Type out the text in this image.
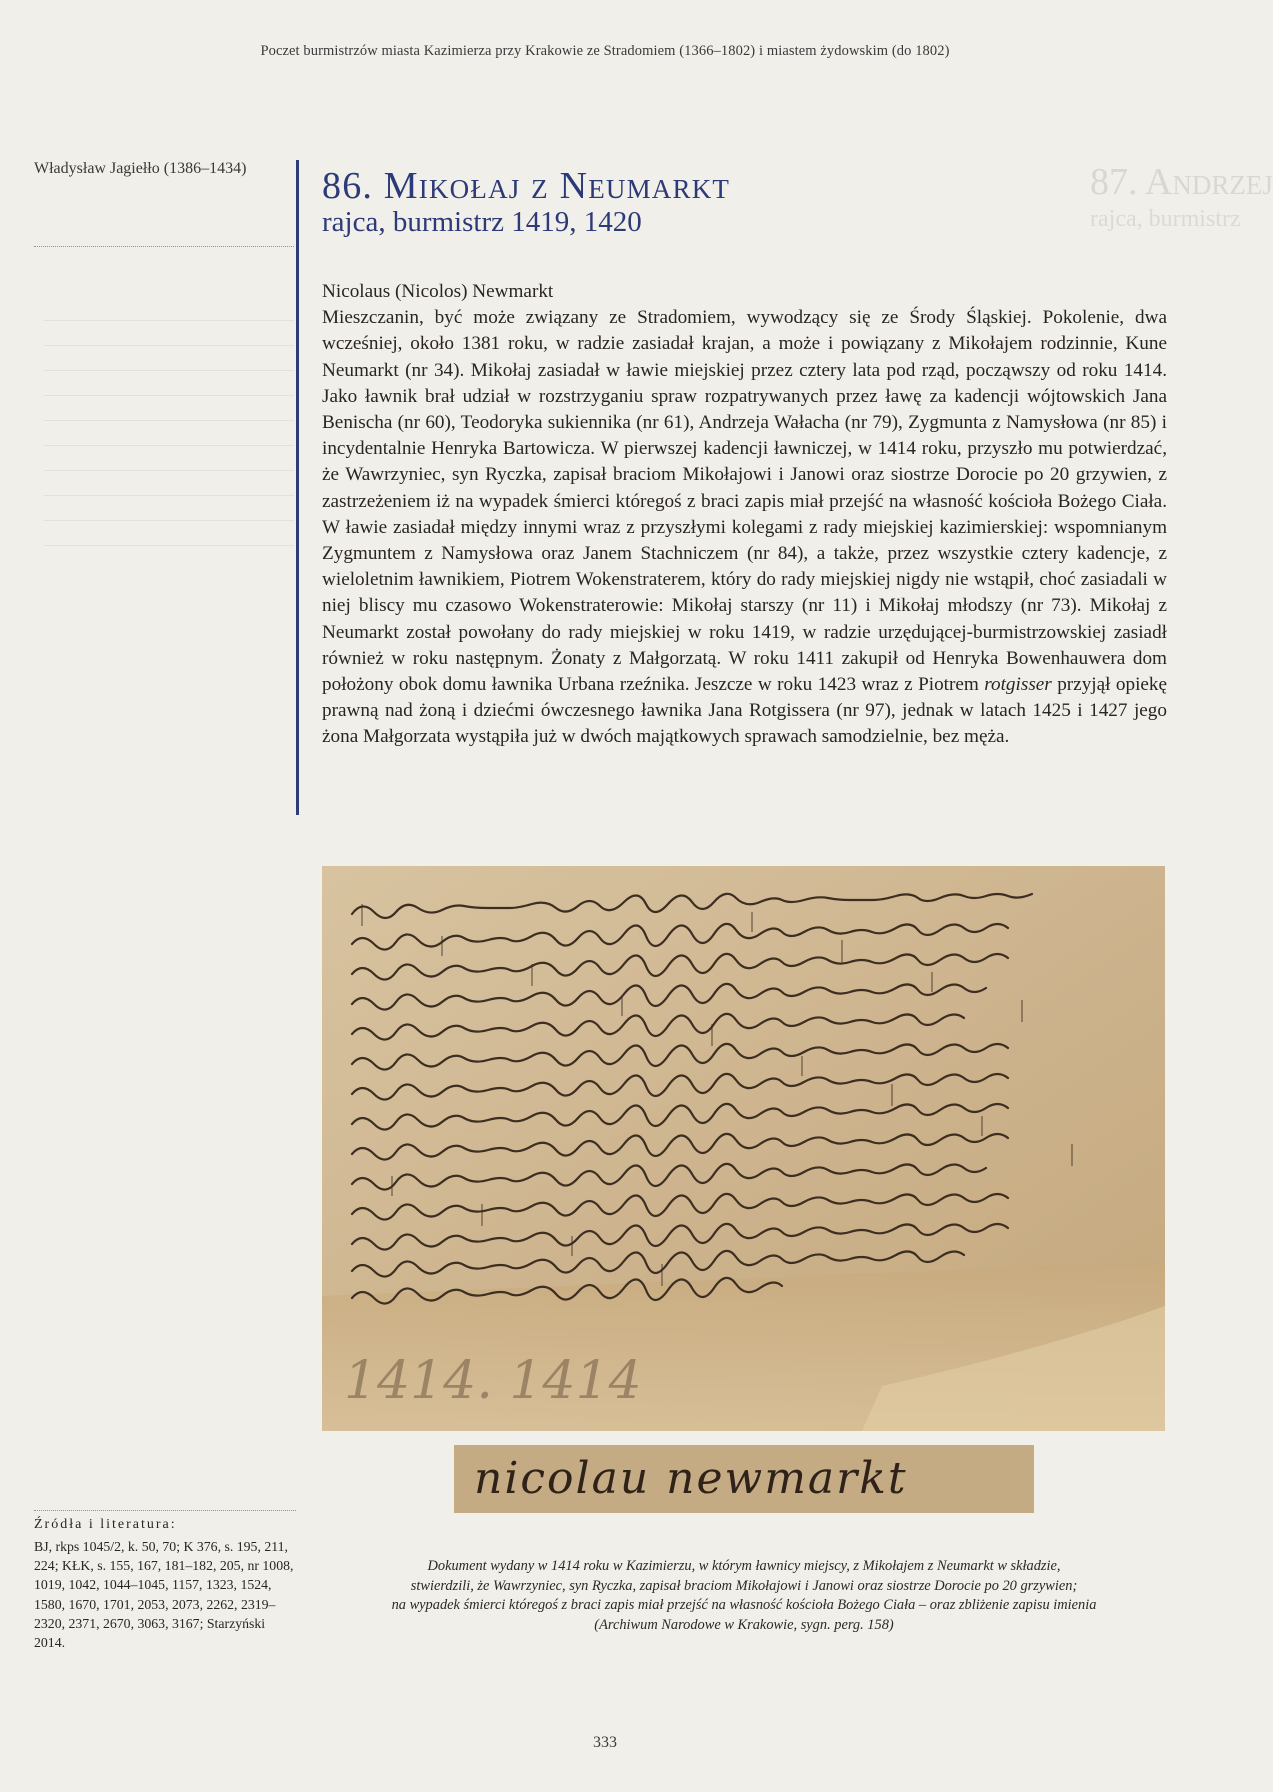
Poczet burmistrzów miasta Kazimierza przy Krakowie ze Stradomiem (1366–1802) i miastem żydowskim (do 1802)
Władysław Jagiełło (1386–1434)	87. Andrzej
rajca, burmistrz
86. Mikołaj z Neumarkt
rajca, burmistrz 1419, 1420
Nicolaus (Nicolos) Newmarkt

Mieszczanin, być może związany ze Stradomiem, wywodzący się ze Środy Śląskiej. Pokolenie, dwa wcześniej, około 1381 roku, w radzie zasiadał krajan, a może i powiązany z Mikołajem rodzinnie, Kune Neumarkt (nr 34). Mikołaj zasiadał w ławie miejskiej przez cztery lata pod rząd, począwszy od roku 1414. Jako ławnik brał udział w rozstrzyganiu spraw rozpatrywanych przez ławę za kadencji wójtowskich Jana Benischa (nr 60), Teodoryka sukiennika (nr 61), Andrzeja Wałacha (nr 79), Zygmunta z Namysłowa (nr 85) i incydentalnie Henryka Bartowicza. W pierwszej kadencji ławniczej, w 1414 roku, przyszło mu potwierdzać, że Wawrzyniec, syn Ryczka, zapisał braciom Mikołajowi i Janowi oraz siostrze Dorocie po 20 grzywien, z zastrzeżeniem iż na wypadek śmierci któregoś z braci zapis miał przejść na własność kościoła Bożego Ciała. W ławie zasiadał między innymi wraz z przyszłymi kolegami z rady miejskiej kazimierskiej: wspomnianym Zygmuntem z Namysłowa oraz Janem Stachniczem (nr 84), a także, przez wszystkie cztery kadencje, z wieloletnim ławnikiem, Piotrem Wokenstraterem, który do rady miejskiej nigdy nie wstąpił, choć zasiadali w niej bliscy mu czasowo Wokenstraterowie: Mikołaj starszy (nr 11) i Mikołaj młodszy (nr 73). Mikołaj z Neumarkt został powołany do rady miejskiej w roku 1419, w radzie urzędującej-burmistrzowskiej zasiadł również w roku następnym. Żonaty z Małgorzatą. W roku 1411 zakupił od Henryka Bowenhauwera dom położony obok domu ławnika Urbana rzeźnika. Jeszcze w roku 1423 wraz z Piotrem rotgisser przyjął opiekę prawną nad żoną i dziećmi ówczesnego ławnika Jana Rotgissera (nr 97), jednak w latach 1425 i 1427 jego żona Małgorzata wystąpiła już w dwóch majątkowych sprawach samodzielnie, bez męża.

1414. 1414
nicolau newmarkt
Dokument wydany w 1414 roku w Kazimierzu, w którym ławnicy miejscy, z Mikołajem z Neumarkt w składzie,
stwierdzili, że Wawrzyniec, syn Ryczka, zapisał braciom Mikołajowi i Janowi oraz siostrze Dorocie po 20 grzywien;
na wypadek śmierci któregoś z braci zapis miał przejść na własność kościoła Bożego Ciała – oraz zbliżenie zapisu imienia
(Archiwum Narodowe w Krakowie, sygn. perg. 158)
Źródła i literatura:
BJ, rkps 1045/2, k. 50, 70; K 376, s. 195, 211, 224; KŁK, s. 155, 167, 181–182, 205, nr 1008, 1019, 1042, 1044–1045, 1157, 1323, 1524, 1580, 1670, 1701, 2053, 2073, 2262, 2319–2320, 2371, 2670, 3063, 3167; Starzyński 2014.
333
